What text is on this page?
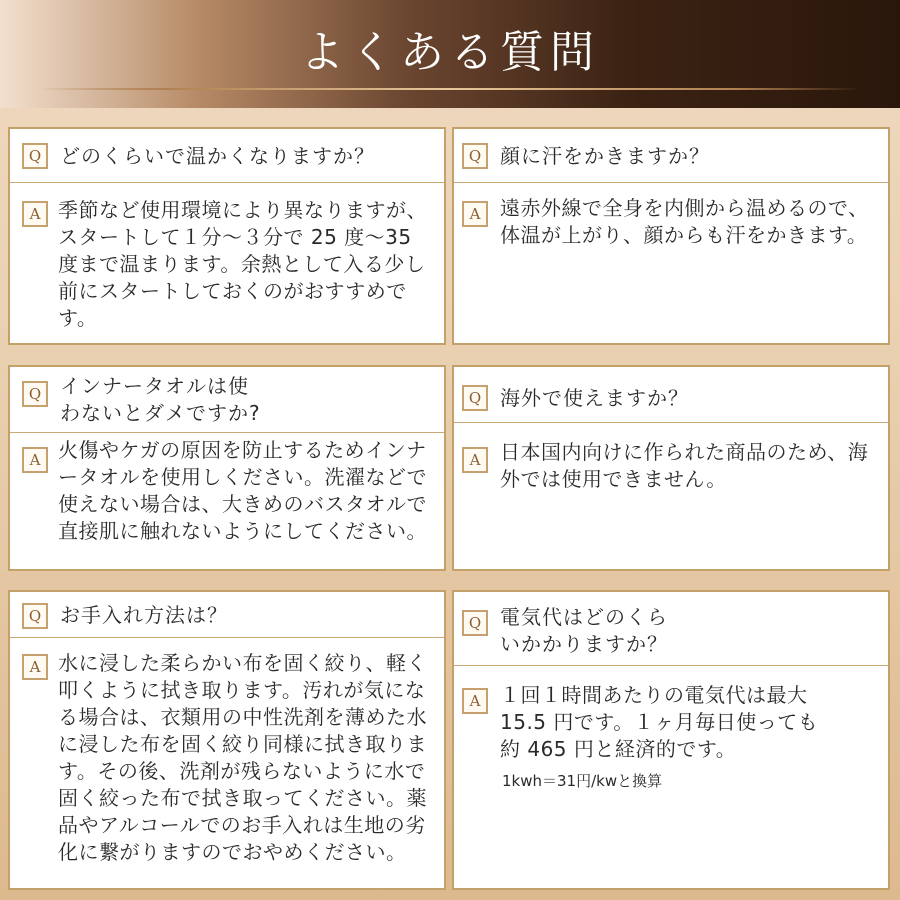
よくある質問
Q どのくらいで温かくなりますか？
A 季節など使用環境により異なりますが、スタートして１分〜３分で 25 度〜35 度まで温まります。余熱として入る少し前にスタートしておくのがおすすめです。
Q 顔に汗をかきますか？
A 遠赤外線で全身を内側から温めるので、体温が上がり、顔からも汗をかきます。
Q インナータオルは使わないとダメですか?
A 火傷やケガの原因を防止するためインナータオルを使用しください。洗濯などで使えない場合は、大きめのバスタオルで直接肌に触れないようにしてください。
Q 海外で使えますか？
A 日本国内向けに作られた商品のため、海外では使用できません。
Q お手入れ方法は？
A 水に浸した柔らかい布を固く絞り、軽く叩くように拭き取ります。汚れが気になる場合は、衣類用の中性洗剤を薄めた水に浸した布を固く絞り同様に拭き取ります。その後、洗剤が残らないように水で固く絞った布で拭き取ってください。薬品やアルコールでのお手入れは生地の劣化に繋がりますのでおやめください。
Q 電気代はどのくらいかかりますか？
A １回１時間あたりの電気代は最大15.5 円です。１ヶ月毎日使っても約 465 円と経済的です。
1kwh＝31円/kwと換算
